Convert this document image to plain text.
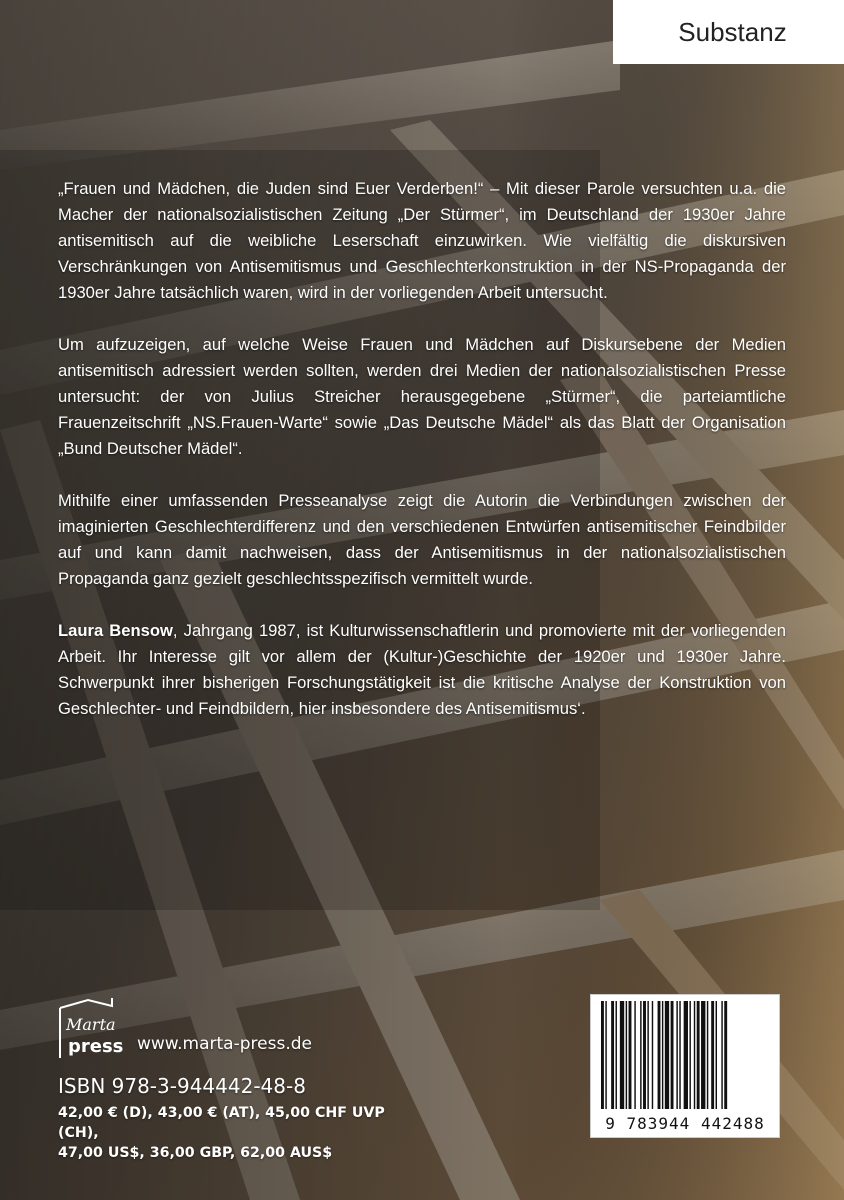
Substanz

„Frauen und Mädchen, die Juden sind Euer Verderben!“ – Mit dieser Parole versuchten u.a. die Macher der nationalsozialistischen Zeitung „Der Stürmer“, im Deutschland der 1930er Jahre antisemitisch auf die weibliche Leserschaft einzuwirken. Wie vielfältig die diskursiven Verschränkungen von Antisemitismus und Geschlechterkonstruktion in der NS-Propaganda der 1930er Jahre tatsächlich waren, wird in der vorliegenden Arbeit untersucht.

Um aufzuzeigen, auf welche Weise Frauen und Mädchen auf Diskursebene der Medien antisemitisch adressiert werden sollten, werden drei Medien der nationalsozialistischen Presse untersucht: der von Julius Streicher herausgegebene „Stürmer“, die parteiamtliche Frauenzeitschrift „NS.Frauen-Warte“ sowie „Das Deutsche Mädel“ als das Blatt der Organisation „Bund Deutscher Mädel“.

Mithilfe einer umfassenden Presseanalyse zeigt die Autorin die Verbindungen zwischen der imaginierten Geschlechterdifferenz und den verschiedenen Entwürfen antisemitischer Feindbilder auf und kann damit nachweisen, dass der Antisemitismus in der nationalsozialistischen Propaganda ganz gezielt geschlechtsspezifisch vermittelt wurde.

Laura Bensow, Jahrgang 1987, ist Kulturwissenschaftlerin und promovierte mit der vorliegenden Arbeit. Ihr Interesse gilt vor allem der (Kultur-)Geschichte der 1920er und 1930er Jahre. Schwerpunkt ihrer bisherigen Forschungstätigkeit ist die kritische Analyse der Konstruktion von Geschlechter- und Feindbildern, hier insbesondere des Antisemitismus‘.

Marta
press www.marta-press.de
ISBN 978-3-944442-48-8
42,00 € (D), 43,00 € (AT), 45,00 CHF UVP (CH),
47,00 US$, 36,00 GBP, 62,00 AUS$
9 783944 442488
